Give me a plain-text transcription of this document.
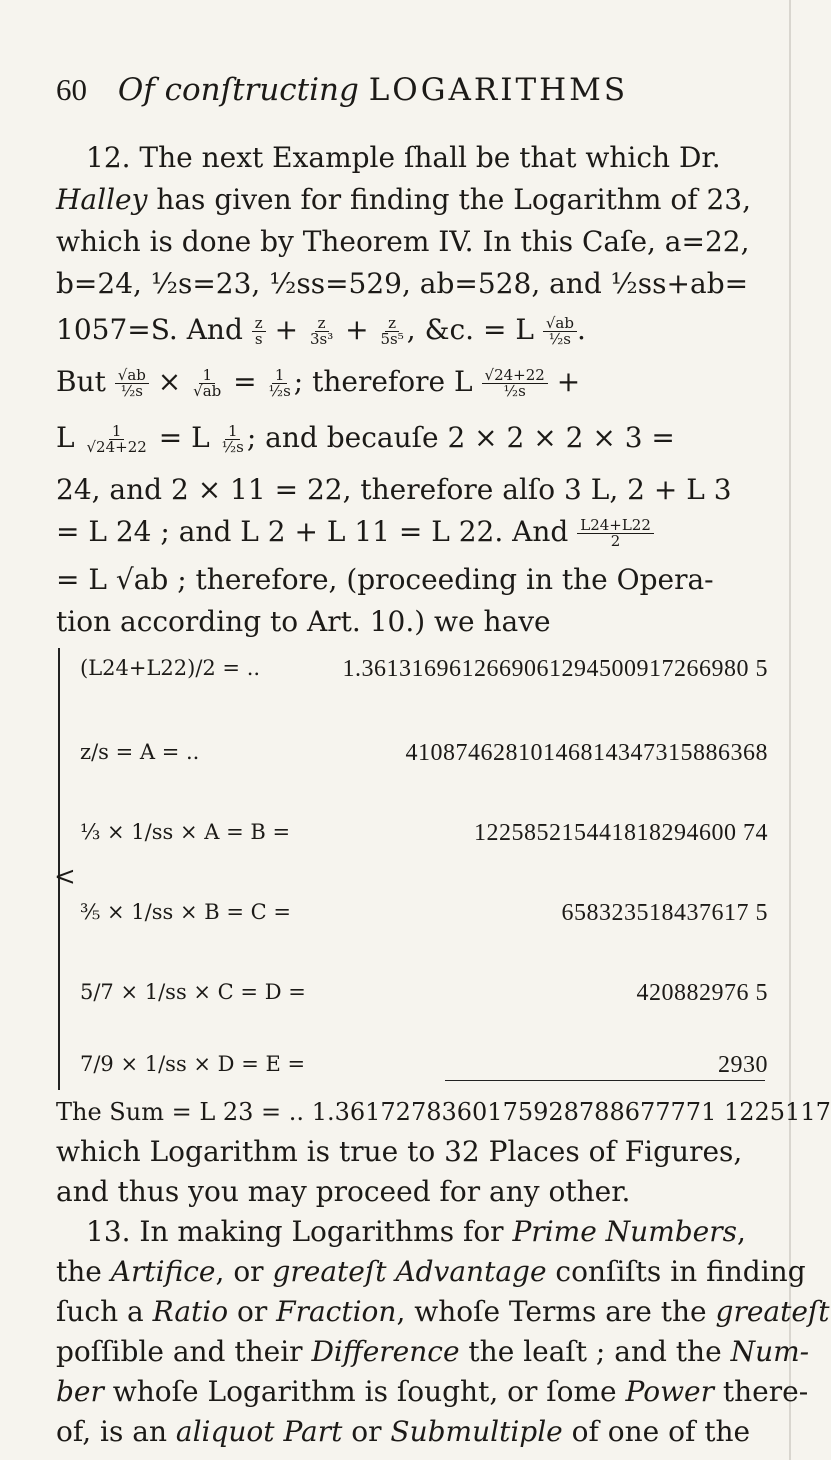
60 Of conſtructing LOGARITHMS
12. The next Example ſhall be that which Dr.
Halley has given for finding the Logarithm of 23,
which is done by Theorem IV. In this Caſe, a=22,
b=24, ½s=23, ½ss=529, ab=528, and ½ss+ab=
1057=S. And $\frac{z}{s} + \frac{z}{\text{3s³}} + \frac{z}{\text{5s⁵}}$ , &c. = L $\frac{√ab}{\text{½s}}$ .
But $\frac{√ab}{\text{½s}} \times \frac{1}{√ab} = \frac{1}{\text{½s}}$ ; therefore L $\frac{√24+22}{\text{½s}}$ +
L $\frac{1}{√24+22} = L \frac{1}{\text{½s}}$ ; and becauſe 2 × 2 × 2 × 3 =
24, and 2 × 11 = 22, therefore alſo 3 L, 2 + L 3
= L 24 ; and L 2 + L 11 = L 22. And $\frac{L24+L22}{2}$
= L √ab ; therefore, (proceeding in the Opera-
tion according to Art. 10.) we have
<
(L24+L22)/2 = ..	1.3613169612669061294500917266980 5
z/s = A = ..	41087462810146814347315886368
⅓ × 1/ss × A = B =	122585215441818294600 74
⅗ × 1/ss × B = C =	658323518437617 5
5/7 × 1/ss × C = D =	420882976 5
7/9 × 1/ss × D = E =	2930
The Sum = L 23 = .. 1.3617278360175928788677771 1225117
which Logarithm is true to 32 Places of Figures,
and thus you may proceed for any other.
13. In making Logarithms for Prime Numbers,
the Artifice, or greateſt Advantage conſiſts in finding
ſuch a Ratio or Fraction, whoſe Terms are the greateſt
poſſible and their Difference the leaſt ; and the Num-
ber whoſe Logarithm is ſought, or ſome Power there-
of, is an aliquot Part or Submultiple of one of the
